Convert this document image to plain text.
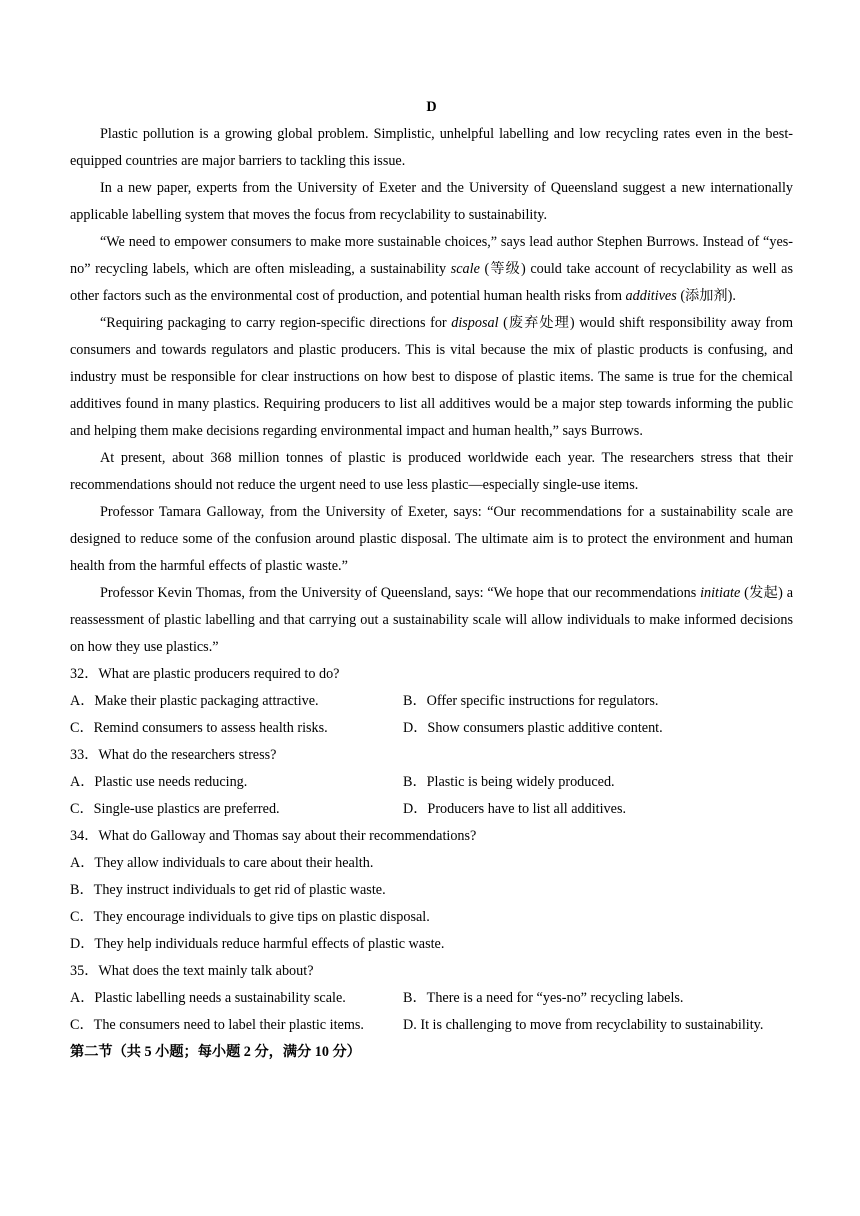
D

Plastic pollution is a growing global problem. Simplistic, unhelpful labelling and low recycling rates even in the best-equipped countries are major barriers to tackling this issue.

In a new paper, experts from the University of Exeter and the University of Queensland suggest a new internationally applicable labelling system that moves the focus from recyclability to sustainability.

“We need to empower consumers to make more sustainable choices,” says lead author Stephen Burrows. Instead of “yes-no” recycling labels, which are often misleading, a sustainability scale (等级) could take account of recyclability as well as other factors such as the environmental cost of production, and potential human health risks from additives (添加剂).

“Requiring packaging to carry region-specific directions for disposal (废弃处理) would shift responsibility away from consumers and towards regulators and plastic producers. This is vital because the mix of plastic products is confusing, and industry must be responsible for clear instructions on how best to dispose of plastic items. The same is true for the chemical additives found in many plastics. Requiring producers to list all additives would be a major step towards informing the public and helping them make decisions regarding environmental impact and human health,” says Burrows.

At present, about 368 million tonnes of plastic is produced worldwide each year. The researchers stress that their recommendations should not reduce the urgent need to use less plastic—especially single-use items.

Professor Tamara Galloway, from the University of Exeter, says: “Our recommendations for a sustainability scale are designed to reduce some of the confusion around plastic disposal. The ultimate aim is to protect the environment and human health from the harmful effects of plastic waste.”

Professor Kevin Thomas, from the University of Queensland, says: “We hope that our recommendations initiate (发起) a reassessment of plastic labelling and that carrying out a sustainability scale will allow individuals to make informed decisions on how they use plastics.”

32．What are plastic producers required to do?

A．Make their plastic packaging attractive.	B．Offer specific instructions for regulators.
C．Remind consumers to assess health risks.	D．Show consumers plastic additive content.

33．What do the researchers stress?

A．Plastic use needs reducing.	B．Plastic is being widely produced.
C．Single-use plastics are preferred.	D．Producers have to list all additives.

34．What do Galloway and Thomas say about their recommendations?

A．They allow individuals to care about their health.

B．They instruct individuals to get rid of plastic waste.

C．They encourage individuals to give tips on plastic disposal.

D．They help individuals reduce harmful effects of plastic waste.

35．What does the text mainly talk about?

A．Plastic labelling needs a sustainability scale.	B．There is a need for “yes-no” recycling labels.
C．The consumers need to label their plastic items.	D. It is challenging to move from recyclability to sustainability.

第二节（共 5 小题；每小题 2 分，满分 10 分）
